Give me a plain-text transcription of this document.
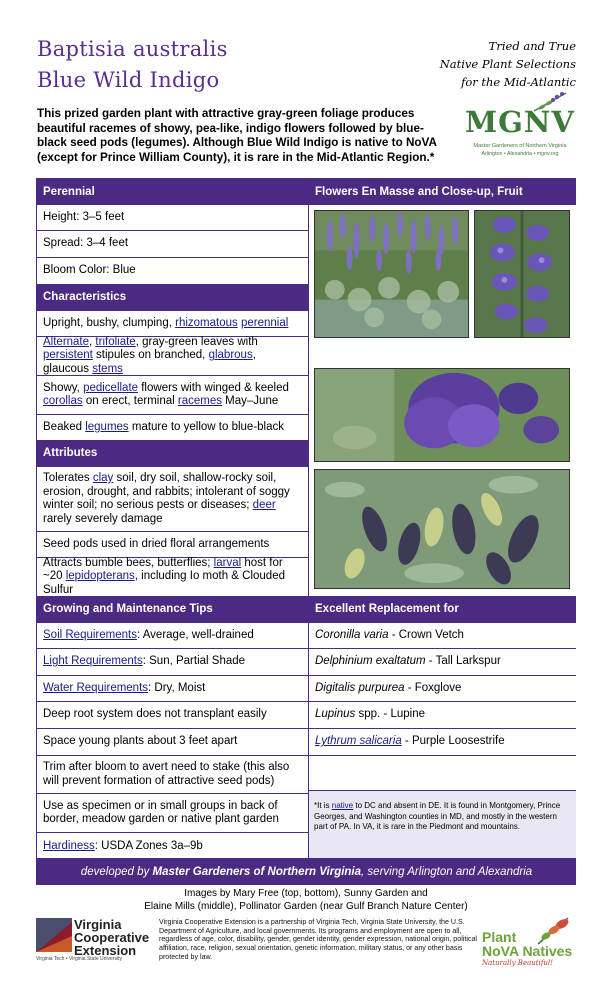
Baptisia australis
Blue Wild Indigo
Tried and True
Native Plant Selections
for the Mid-Atlantic
This prized garden plant with attractive gray-green foliage produces beautiful racemes of showy, pea-like, indigo flowers followed by blue-black seed pods (legumes). Although Blue Wild Indigo is native to NoVA (except for Prince William County), it is rare in the Mid-Atlantic Region.*
MGNV
Master Gardeners of Northern Virginia
Arlington • Alexandria • mgnv.org
Perennial
Height: 3–5 feet
Spread: 3–4 feet
Bloom Color: Blue
Characteristics
Upright, bushy, clumping, rhizomatous perennial
Alternate, trifoliate, gray-green leaves with persistent stipules on branched, glabrous, glaucous stems
Showy, pedicellate flowers with winged & keeled corollas on erect, terminal racemes May–June
Beaked legumes mature to yellow to blue-black
Attributes
Tolerates clay soil, dry soil, shallow-rocky soil, erosion, drought, and rabbits; intolerant of soggy winter soil; no serious pests or diseases; deer rarely severely damage
Seed pods used in dried floral arrangements
Attracts bumble bees, butterflies; larval host for ~20 lepidopterans, including Io moth & Clouded Sulfur
Growing and Maintenance Tips
Soil Requirements: Average, well-drained
Light Requirements: Sun, Partial Shade
Water Requirements: Dry, Moist
Deep root system does not transplant easily
Space young plants about 3 feet apart
Trim after bloom to avert need to stake (this also will prevent formation of attractive seed pods)
Use as specimen or in small groups in back of border, meadow garden or native plant garden
Hardiness: USDA Zones 3a–9b
Flowers En Masse and Close-up, Fruit
Excellent Replacement for
Coronilla varia - Crown Vetch
Delphinium exaltatum - Tall Larkspur
Digitalis purpurea - Foxglove
Lupinus spp. - Lupine
Lythrum salicaria - Purple Loosestrife
*It is native to DC and absent in DE. It is found in Montgomery, Prince Georges, and Washington counties in MD, and mostly in the western part of PA. In VA, it is rare in the Piedmont and mountains.
developed by
Master Gardeners of Northern Virginia , serving Arlington and Alexandria
Images by Mary Free (top, bottom), Sunny Garden and
Elaine Mills (middle), Pollinator Garden (near Gulf Branch Nature Center)
Virginia
Cooperative
Extension
Virginia Tech • Virginia State University
Virginia Cooperative Extension is a partnership of Virginia Tech, Virginia State University, the U.S. Department of Agriculture, and local governments. Its programs and employment are open to all, regardless of age, color, disability, gender, gender identity, gender expression, national origin, political affiliation, race, religion, sexual orientation, genetic information, military status, or any other basis protected by law.
Plant
NoVA Natives
Naturally Beautiful!
